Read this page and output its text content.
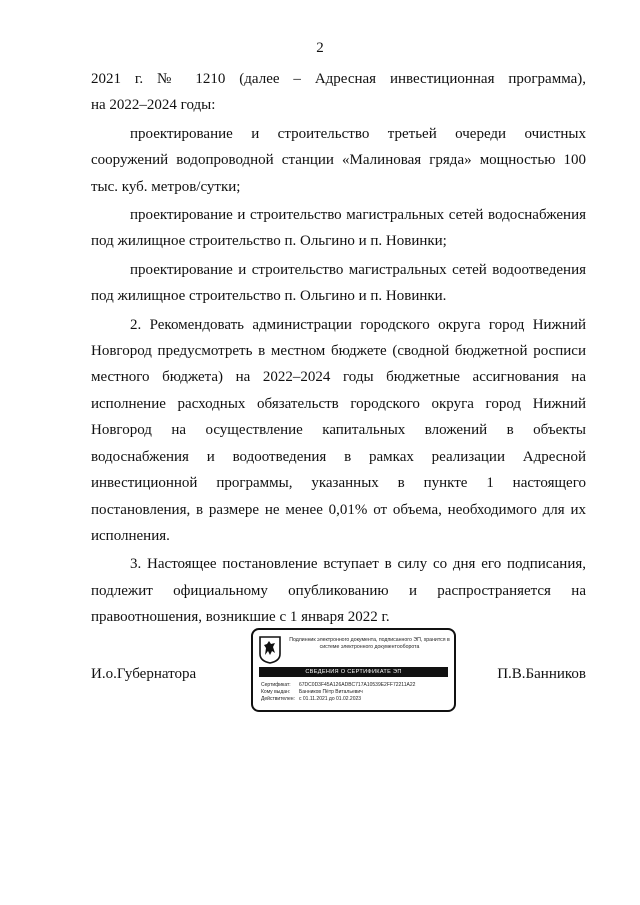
2

2021 г. № 1210 (далее – Адресная инвестиционная программа),

на 2022–2024 годы:

проектирование и строительство третьей очереди очистных сооружений водопроводной станции «Малиновая гряда» мощностью 100 тыс. куб. метров/сутки;

проектирование и строительство магистральных сетей водоснабжения под жилищное строительство п. Ольгино и п. Новинки;

проектирование и строительство магистральных сетей водоотведения под жилищное строительство п. Ольгино и п. Новинки.

2. Рекомендовать администрации городского округа город Нижний Новгород предусмотреть в местном бюджете (сводной бюджетной росписи местного бюджета) на 2022–2024 годы бюджетные ассигнования на исполнение расходных обязательств городского округа город Нижний Новгород на осуществление капитальных вложений в объекты водоснабжения и водоотведения в рамках реализации Адресной инвестиционной программы, указанных в пункте 1 настоящего постановления, в размере не менее 0,01% от объема, необходимого для их исполнения.

3. Настоящее постановление вступает в силу со дня его подписания, подлежит официальному опубликованию и распространяется на правоотношения, возникшие с 1 января 2022 г.

И.о.Губернатора
Подлинник электронного документа, подписанного ЭП, хранится в системе электронного документооборота
СВЕДЕНИЯ О СЕРТИФИКАТЕ ЭП
Сертификат: 67DC0D3F45A126ADBC717A10539E2FF72211A22
Кому выдан: Банников Пётр Витальевич
Действителен: с 01.11.2021 до 01.02.2023
П.В.Банников
